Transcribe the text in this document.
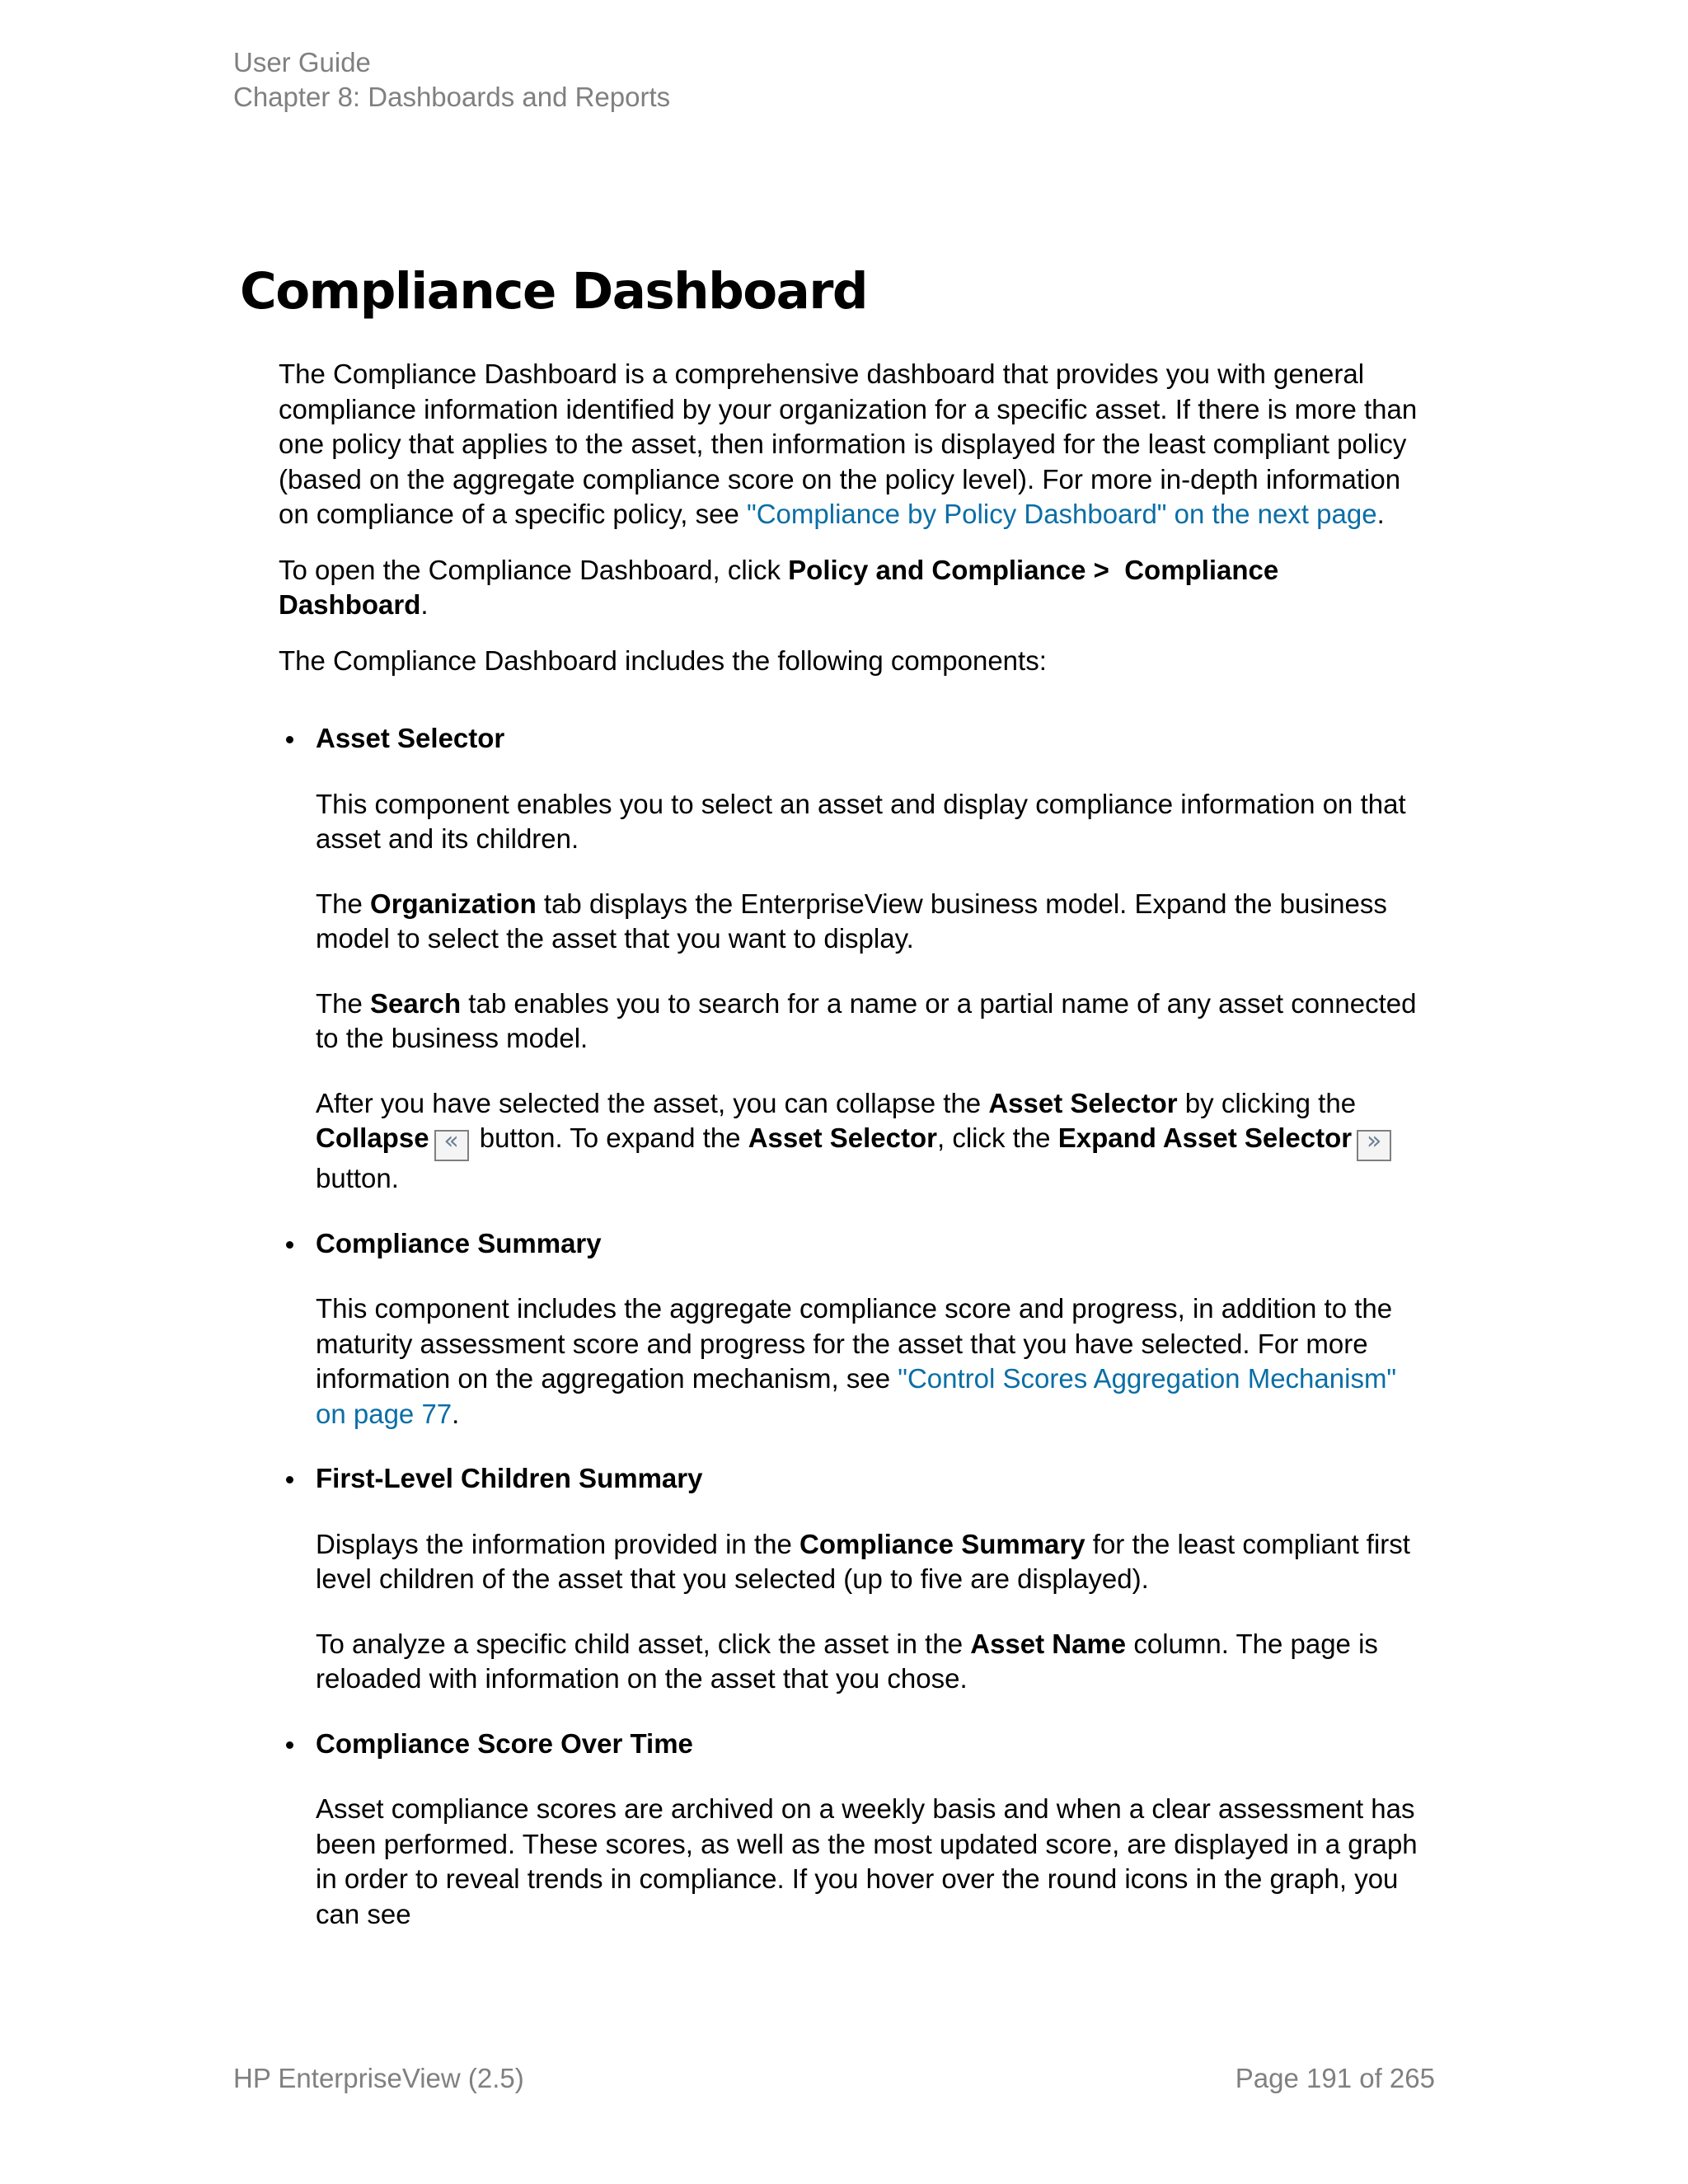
User Guide
Chapter 8: Dashboards and Reports
Compliance Dashboard

The Compliance Dashboard is a comprehensive dashboard that provides you with general compliance information identified by your organization for a specific asset. If there is more than one policy that applies to the asset, then information is displayed for the least compliant policy (based on the aggregate compliance score on the policy level). For more in-depth information on compliance of a specific policy, see "Compliance by Policy Dashboard" on the next page.

To open the Compliance Dashboard, click Policy and Compliance > Compliance Dashboard.

The Compliance Dashboard includes the following components:

Asset Selector

This component enables you to select an asset and display compliance information on that asset and its children.

The Organization tab displays the EnterpriseView business model. Expand the business model to select the asset that you want to display.

The Search tab enables you to search for a name or a partial name of any asset connected to the business model.

After you have selected the asset, you can collapse the Asset Selector by clicking the Collapse « button. To expand the Asset Selector, click the Expand Asset Selector »
button.

Compliance Summary

This component includes the aggregate compliance score and progress, in addition to the maturity assessment score and progress for the asset that you have selected. For more information on the aggregation mechanism, see "Control Scores Aggregation Mechanism" on page 77.

First-Level Children Summary

Displays the information provided in the Compliance Summary for the least compliant first level children of the asset that you selected (up to five are displayed).

To analyze a specific child asset, click the asset in the Asset Name column. The page is reloaded with information on the asset that you chose.

Compliance Score Over Time

Asset compliance scores are archived on a weekly basis and when a clear assessment has been performed. These scores, as well as the most updated score, are displayed in a graph in order to reveal trends in compliance. If you hover over the round icons in the graph, you can see

HP EnterpriseView (2.5)	Page 191 of 265
